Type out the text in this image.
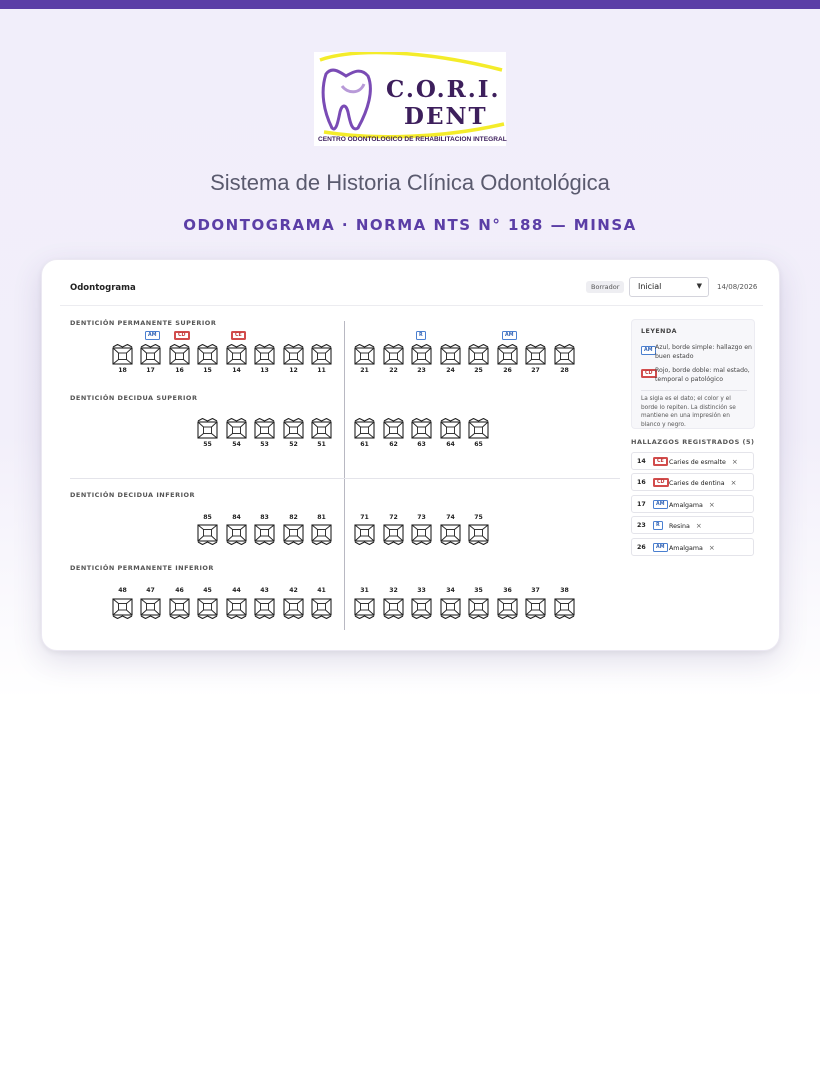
C.O.R.I.
DENT
CENTRO ODONTOLOGICO DE REHABILITACION INTEGRAL
Sistema de Historia Clínica Odontológica
ODONTOGRAMA · NORMA NTS N° 188 — MINSA
Odontograma	Borrador	Inicial	▼ 14/08/2026
DENTICIÓN PERMANENTE SUPERIOR
DENTICIÓN DECIDUA SUPERIOR
DENTICIÓN DECIDUA INFERIOR
DENTICIÓN PERMANENTE INFERIOR
18	17
AM
16
CD
15	14
CE
13	12	11	21	22	23
R
24	25	26
AM
27	28
55	54	53	52	51	61	62	63	64	65
85	84	83	82	81	71	72	73	74	75
48	47	46	45	44	43	42	41	31	32	33	34	35	36	37	38
LEYENDA
AM Azul, borde simple: hallazgo en buen estado
CD Rojo, borde doble: mal estado, temporal o patológico
La sigla es el dato; el color y el borde lo repiten. La distinción se mantiene en una impresión en blanco y negro.
HALLAZGOS REGISTRADOS (5)
14	CE Caries de esmalte ×
16	CD Caries de dentina ×
17	AM Amalgama ×
23	R	Resina ×
26	AM Amalgama ×
